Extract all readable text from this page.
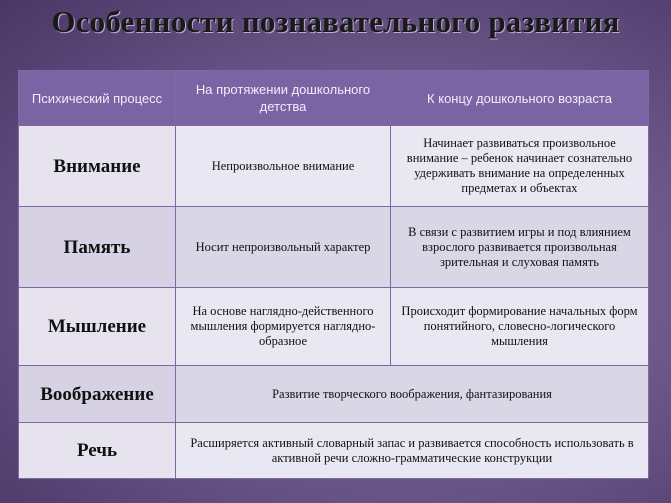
Особенности познавательного развития
Психический процесс	На протяжении дошкольного детства	К концу дошкольного возраста
Внимание	Непроизвольное внимание	Начинает развиваться произвольное внимание – ребенок начинает сознательно удерживать внимание на определенных предметах и объектах
Память	Носит непроизвольный характер	В связи с развитием игры и под влиянием взрослого развивается произвольная зрительная и слуховая память
Мышление	На основе наглядно-действенного мышления формируется наглядно-образное	Происходит формирование начальных форм понятийного, словесно-логического мышления
Воображение	Развитие творческого воображения, фантазирования	
Речь	Расширяется активный словарный запас и развивается способность использовать в активной речи сложно-грамматические конструкции	
